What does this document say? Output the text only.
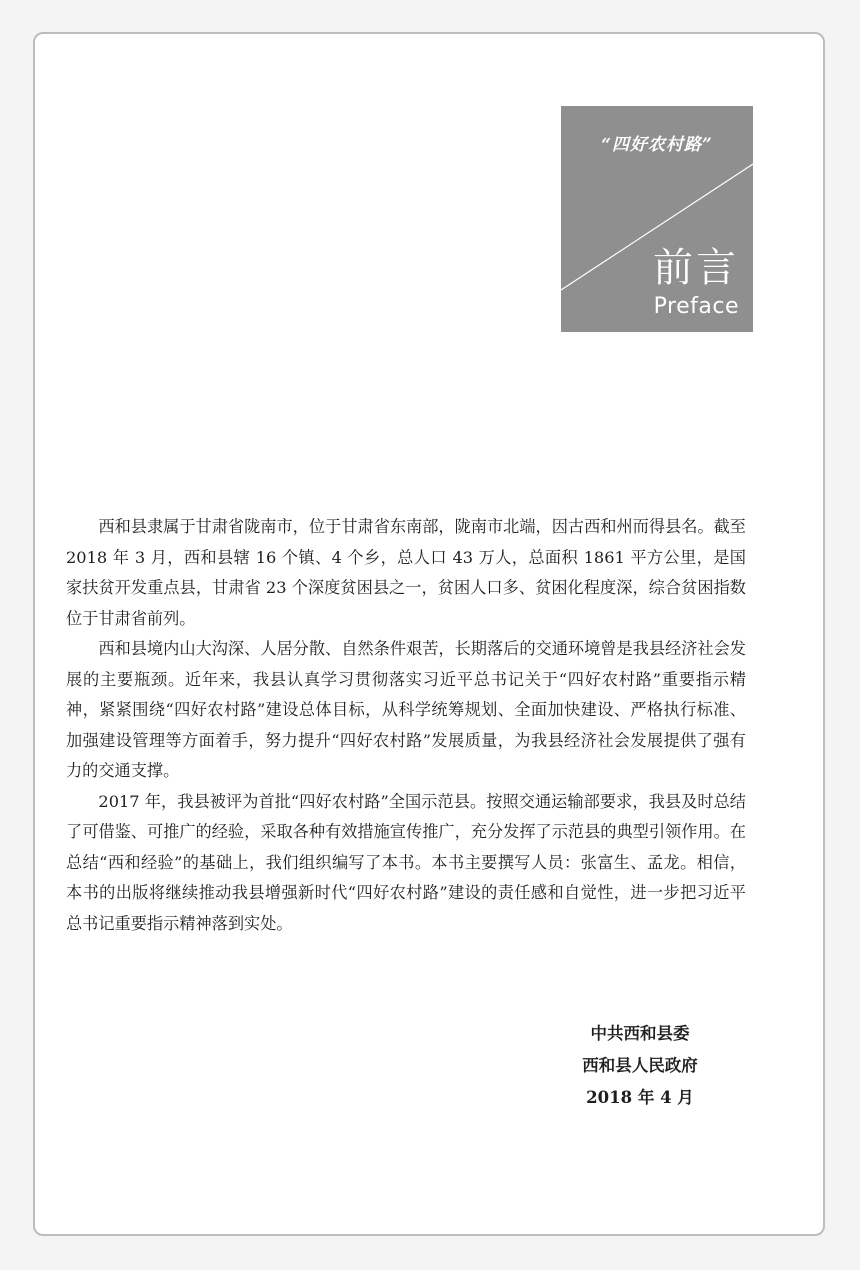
“四好农村路”
前言
Preface

西和县隶属于甘肃省陇南市，位于甘肃省东南部，陇南市北端，因古西和州而得县名。截至 2018 年 3 月，西和县辖 16 个镇、4 个乡，总人口 43 万人，总面积 1861 平方公里，是国家扶贫开发重点县，甘肃省 23 个深度贫困县之一，贫困人口多、贫困化程度深，综合贫困指数位于甘肃省前列。

西和县境内山大沟深、人居分散、自然条件艰苦，长期落后的交通环境曾是我县经济社会发展的主要瓶颈。近年来，我县认真学习贯彻落实习近平总书记关于“四好农村路”重要指示精神，紧紧围绕“四好农村路”建设总体目标，从科学统筹规划、全面加快建设、严格执行标准、加强建设管理等方面着手，努力提升“四好农村路”发展质量，为我县经济社会发展提供了强有力的交通支撑。

2017 年，我县被评为首批“四好农村路”全国示范县。按照交通运输部要求，我县及时总结了可借鉴、可推广的经验，采取各种有效措施宣传推广，充分发挥了示范县的典型引领作用。在总结“西和经验”的基础上，我们组织编写了本书。本书主要撰写人员：张富生、孟龙。相信，本书的出版将继续推动我县增强新时代“四好农村路”建设的责任感和自觉性，进一步把习近平总书记重要指示精神落到实处。

中共西和县委
西和县人民政府
2018 年 4 月
